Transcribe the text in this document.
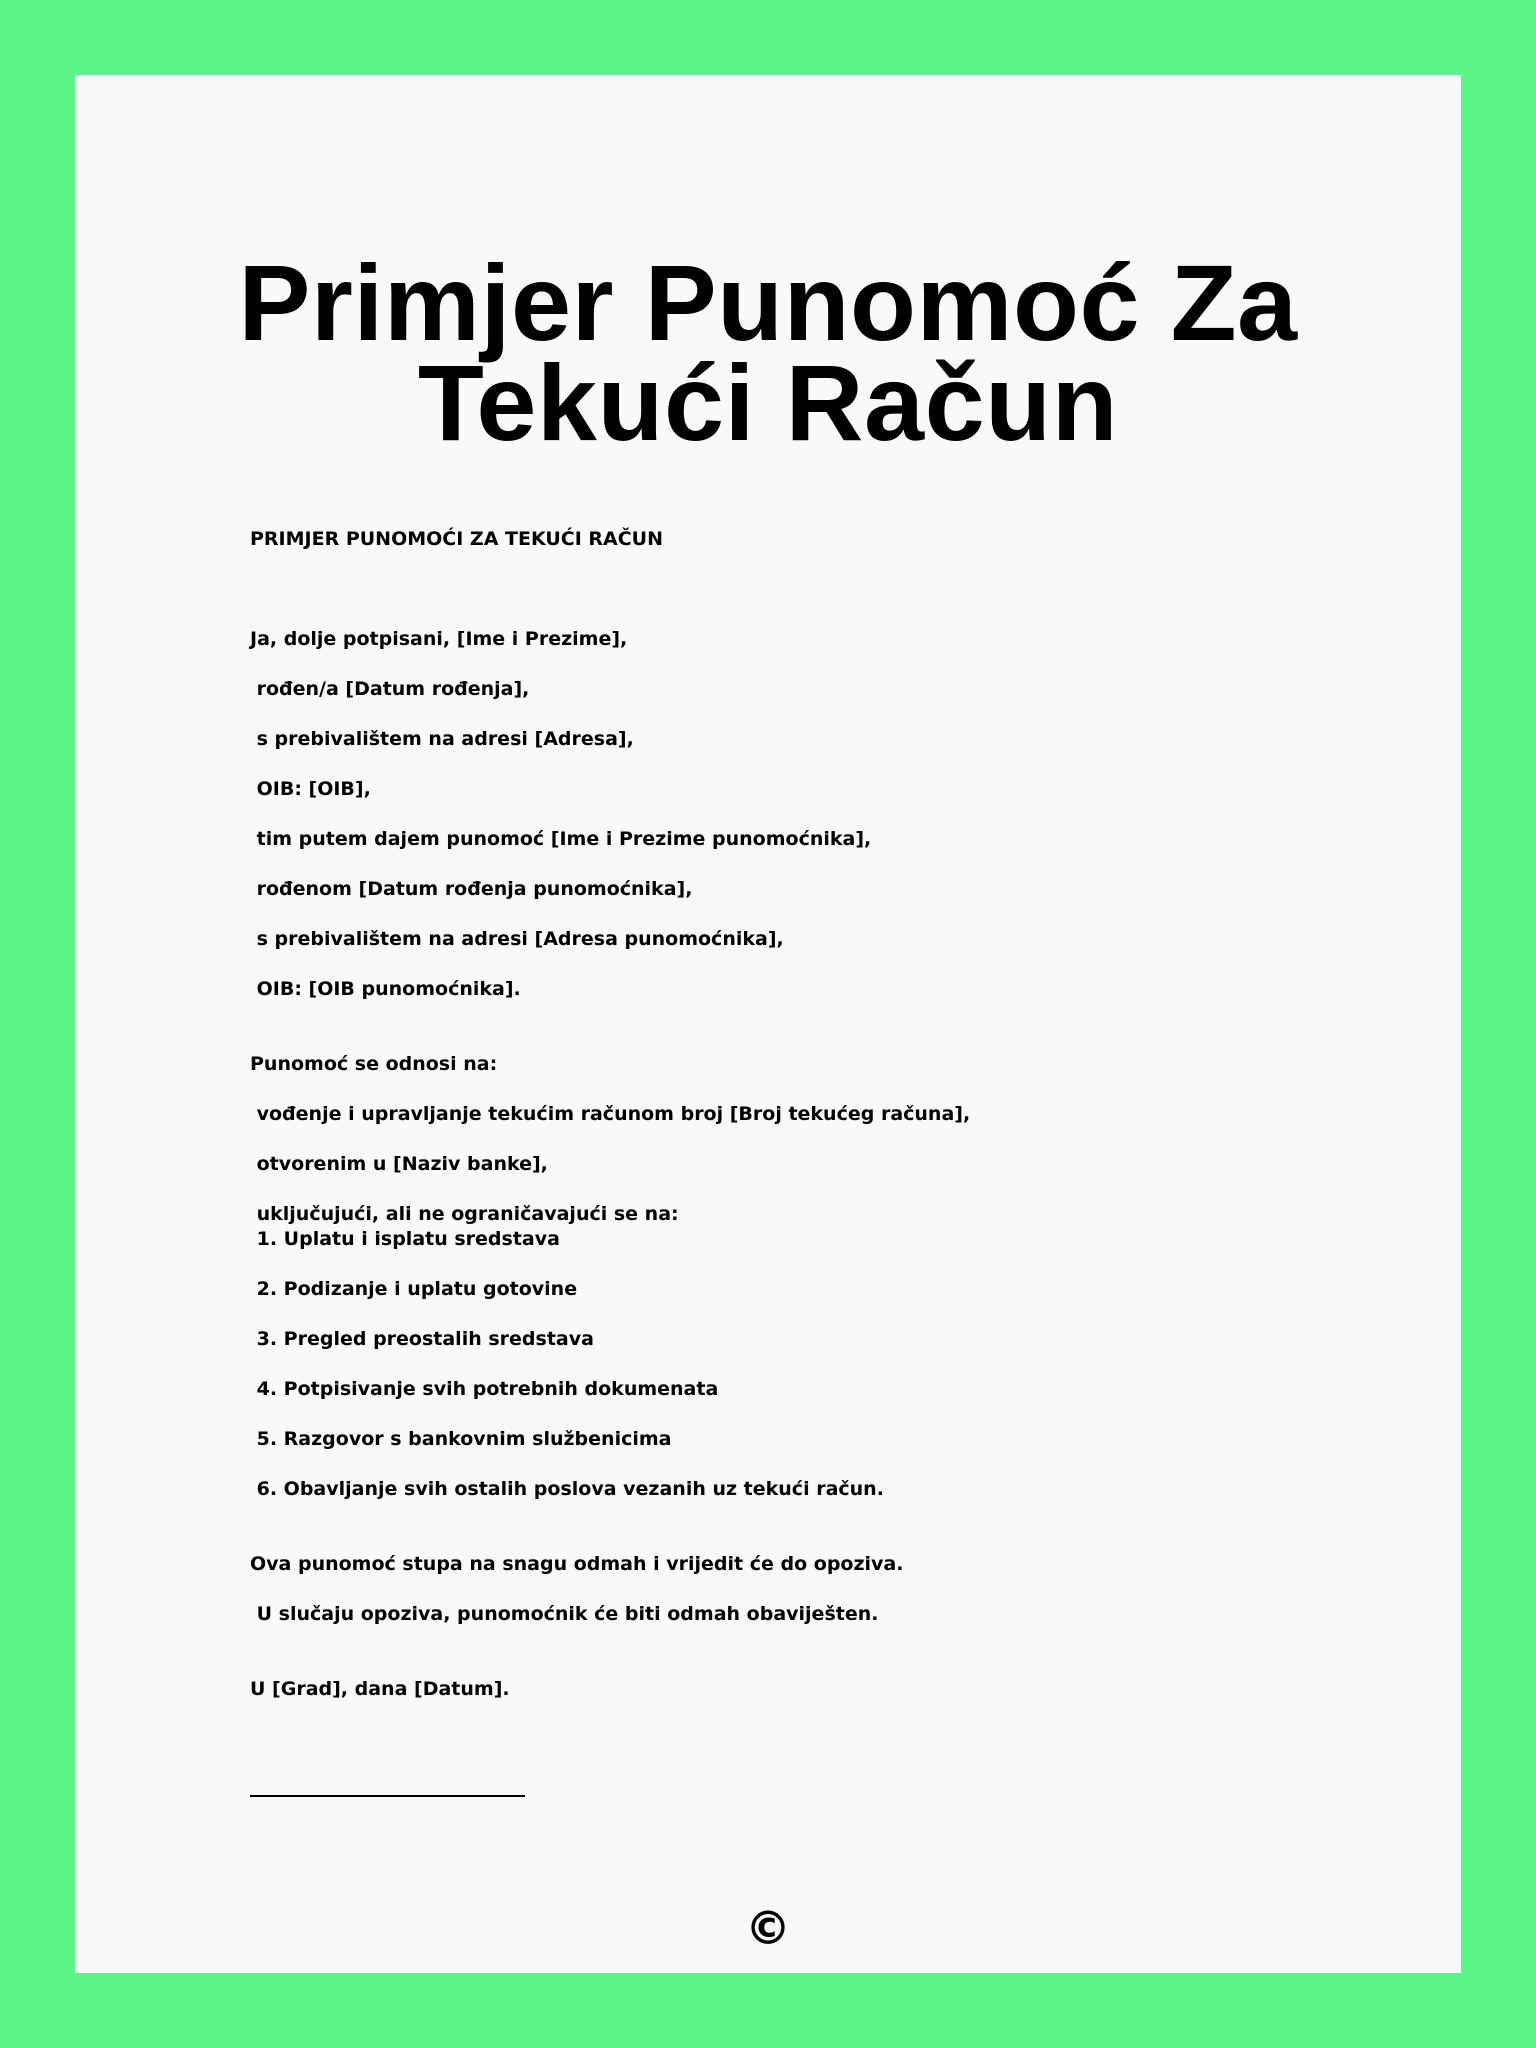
Primjer Punomoć Za Tekući Račun
PRIMJER PUNOMOĆI ZA TEKUĆI RAČUN
Ja, dolje potpisani, [Ime i Prezime],
rođen/a [Datum rođenja],
s prebivalištem na adresi [Adresa],
OIB: [OIB],
tim putem dajem punomoć [Ime i Prezime punomoćnika],
rođenom [Datum rođenja punomoćnika],
s prebivalištem na adresi [Adresa punomoćnika],
OIB: [OIB punomoćnika].
Punomoć se odnosi na:
vođenje i upravljanje tekućim računom broj [Broj tekućeg računa],
otvorenim u [Naziv banke],
uključujući, ali ne ograničavajući se na:
1. Uplatu i isplatu sredstava
2. Podizanje i uplatu gotovine
3. Pregled preostalih sredstava
4. Potpisivanje svih potrebnih dokumenata
5. Razgovor s bankovnim službenicima
6. Obavljanje svih ostalih poslova vezanih uz tekući račun.
Ova punomoć stupa na snagu odmah i vrijedit će do opoziva.
U slučaju opoziva, punomoćnik će biti odmah obaviješten.
U [Grad], dana [Datum].
©
